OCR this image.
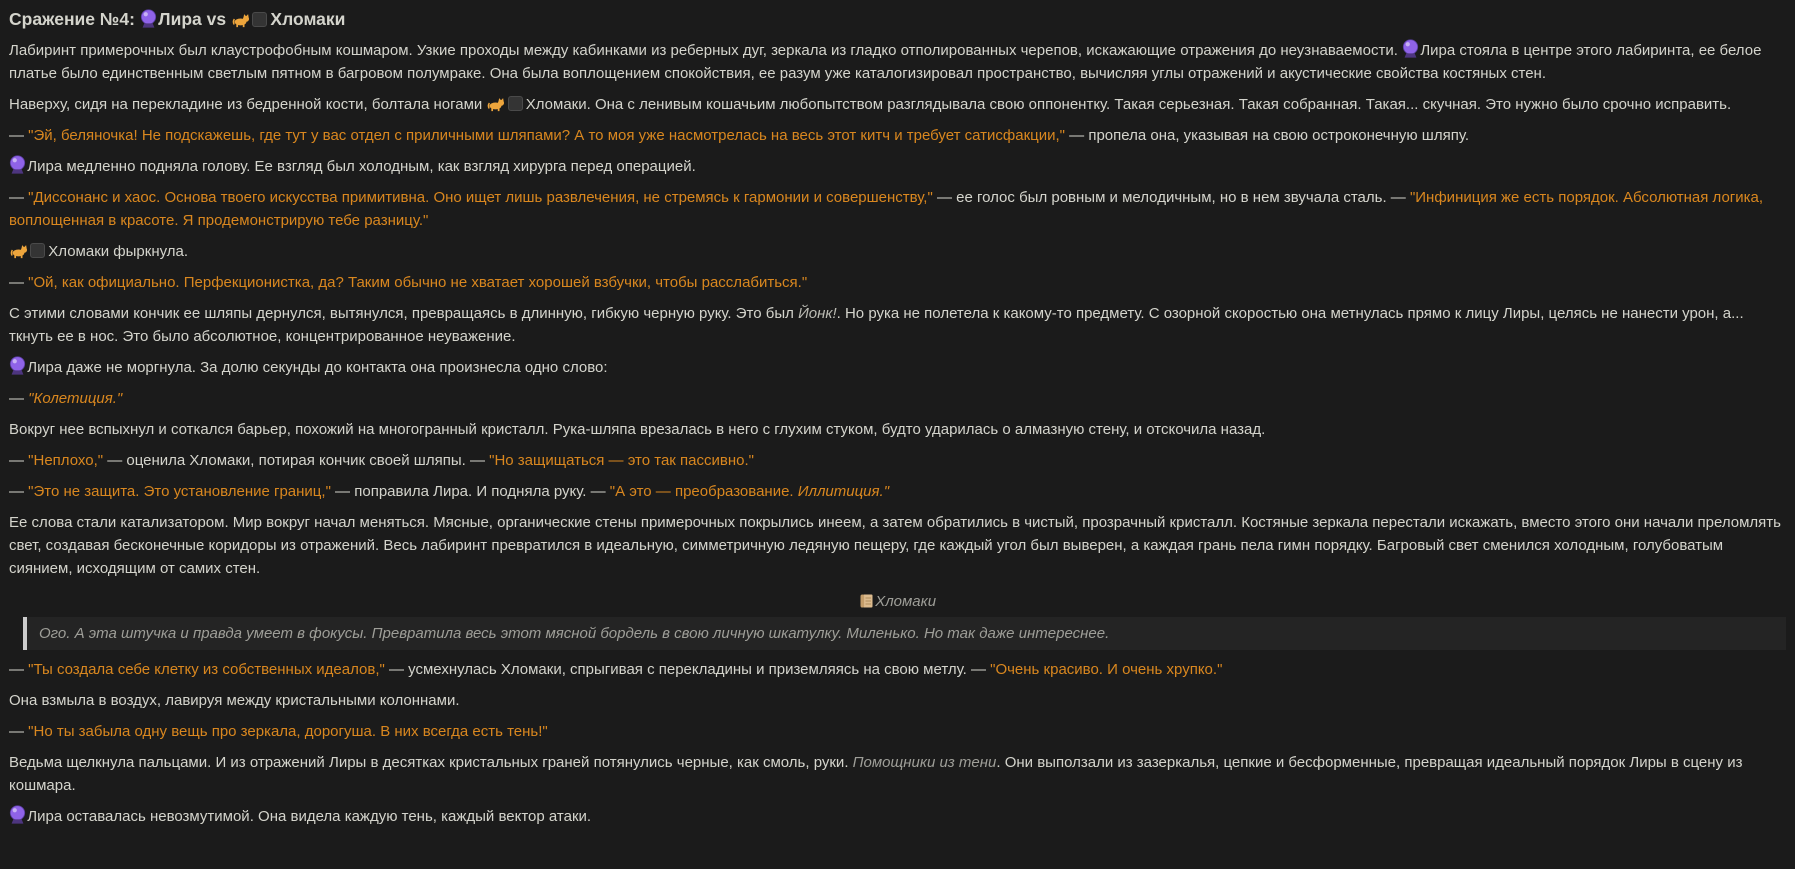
Сражение №4:
 Лира vs
 Хломаки
Лабиринт примерочных был клаустрофобным кошмаром. Узкие проходы между кабинками из реберных дуг, зеркала из гладко отполированных черепов, искажающие отражения до неузнаваемости.
 Лира стояла в центре этого лабиринта, ее белое платье было единственным светлым пятном в багровом полумраке. Она была воплощением спокойствия, ее разум уже каталогизировал пространство, вычисляя углы отражений и акустические свойства костяных стен.
Наверху, сидя на перекладине из бедренной кости, болтала ногами
 	Хломаки. Она с ленивым кошачьим любопытством разглядывала свою оппонентку. Такая серьезная. Такая собранная. Такая... скучная. Это нужно было срочно исправить.
— "Эй, беляночка! Не подскажешь, где тут у вас отдел с приличными шляпами? А то моя уже насмотрелась на весь этот китч и требует сатисфакции," — пропела она, указывая на свою остроконечную шляпу.
 Лира медленно подняла голову. Ее взгляд был холодным, как взгляд хирурга перед операцией.
— "Диссонанс и хаос. Основа твоего искусства примитивна. Оно ищет лишь развлечения, не стремясь к гармонии и совершенству," — ее голос был ровным и мелодичным, но в нем звучала сталь. — "Инфиниция же есть порядок. Абсолютная логика, воплощенная в красоте. Я продемонстрирую тебе разницу."
 Хломаки фыркнула.
— "Ой, как официально. Перфекционистка, да? Таким обычно не хватает хорошей взбучки, чтобы расслабиться."
С этими словами кончик ее шляпы дернулся, вытянулся, превращаясь в длинную, гибкую черную руку. Это был Йонк!. Но рука не полетела к какому-то предмету. С озорной скоростью она метнулась прямо к лицу Лиры, целясь не нанести урон, а... ткнуть ее в нос. Это было абсолютное, концентрированное неуважение.
 Лира даже не моргнула. За долю секунды до контакта она произнесла одно слово:
— "Колетиция."
Вокруг нее вспыхнул и соткался барьер, похожий на многогранный кристалл. Рука-шляпа врезалась в него с глухим стуком, будто ударилась о алмазную стену, и отскочила назад.
— "Неплохо," — оценила Хломаки, потирая кончик своей шляпы. — "Но защищаться — это так пассивно."
— "Это не защита. Это установление границ," — поправила Лира. И подняла руку. — "А это — преобразование. Иллитиция."
Ее слова стали катализатором. Мир вокруг начал меняться. Мясные, органические стены примерочных покрылись инеем, а затем обратились в чистый, прозрачный кристалл. Костяные зеркала перестали искажать, вместо этого они начали преломлять свет, создавая бесконечные коридоры из отражений. Весь лабиринт превратился в идеальную, симметричную ледяную пещеру, где каждый угол был выверен, а каждая грань пела гимн порядку. Багровый свет сменился холодным, голубоватым сиянием, исходящим от самих стен.
 Хломаки
Ого. А эта штучка и правда умеет в фокусы. Превратила весь этот мясной бордель в свою личную шкатулку. Миленько. Но так даже интереснее.
— "Ты создала себе клетку из собственных идеалов," — усмехнулась Хломаки, спрыгивая с перекладины и приземляясь на свою метлу. — "Очень красиво. И очень хрупко."
Она взмыла в воздух, лавируя между кристальными колоннами.
— "Но ты забыла одну вещь про зеркала, дорогуша. В них всегда есть тень!"
Ведьма щелкнула пальцами. И из отражений Лиры в десятках кристальных граней потянулись черные, как смоль, руки. Помощники из тени. Они выползали из зазеркалья, цепкие и бесформенные, превращая идеальный порядок Лиры в сцену из кошмара.
 Лира оставалась невозмутимой. Она видела каждую тень, каждый вектор атаки.
